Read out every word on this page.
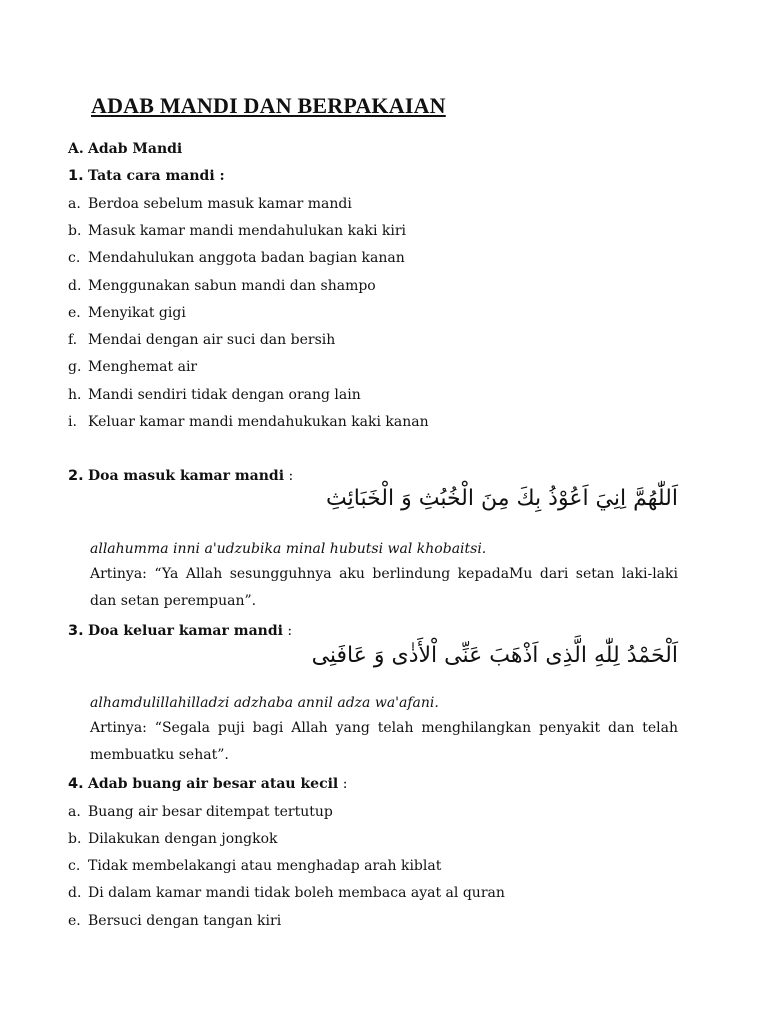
ADAB MANDI DAN BERPAKAIAN
A. Adab Mandi
1. Tata cara mandi :
a. Berdoa sebelum masuk kamar mandi
b. Masuk kamar mandi mendahulukan kaki kiri
c. Mendahulukan anggota badan bagian kanan
d. Menggunakan sabun mandi dan shampo
e. Menyikat gigi
f. Mendai dengan air suci dan bersih
g. Menghemat air
h. Mandi sendiri tidak dengan orang lain
i. Keluar kamar mandi mendahukukan kaki kanan
2. Doa masuk kamar mandi :
اَللّٰهُمَّ اِنِيَ اَعُوْذُ بِكَ مِنَ الْخُبُثِ وَ الْخَبَائِثِ
allahumma inni a'udzubika minal hubutsi wal khobaitsi.
Artinya: “Ya Allah sesungguhnya aku berlindung kepadaMu dari setan laki-laki dan setan perempuan”.
3. Doa keluar kamar mandi :
اَلْحَمْدُ لِلّٰهِ الَّذِى اَذْهَبَ عَنِّى اْلأَذٰى وَ عَافَنِى
alhamdulillahilladzi adzhaba annil adza wa'afani.
Artinya: “Segala puji bagi Allah yang telah menghilangkan penyakit dan telah membuatku sehat”.
4. Adab buang air besar atau kecil :
a. Buang air besar ditempat tertutup
b. Dilakukan dengan jongkok
c. Tidak membelakangi atau menghadap arah kiblat
d. Di dalam kamar mandi tidak boleh membaca ayat al quran
e. Bersuci dengan tangan kiri
